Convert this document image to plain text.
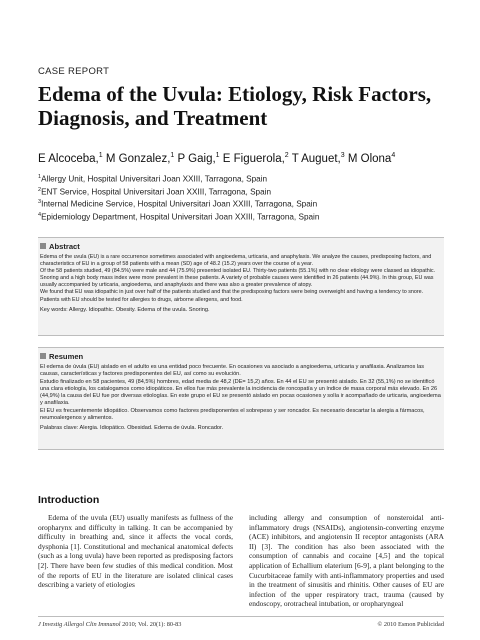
CASE REPORT
Edema of the Uvula: Etiology, Risk Factors, Diagnosis, and Treatment
E Alcoceba,$^1$ M Gonzalez,$^1$ P Gaig,$^1$ E Figuerola,$^2$ T Auguet,$^3$ M Olona$^4$
$^1$Allergy Unit, Hospital Universitari Joan XXIII, Tarragona, Spain
$^2$ENT Service, Hospital Universitari Joan XXIII, Tarragona, Spain
$^3$Internal Medicine Service, Hospital Universitari Joan XXIII, Tarragona, Spain
$^4$Epidemiology Department, Hospital Universitari Joan XXIII, Tarragona, Spain
Abstract

Edema of the uvula (EU) is a rare occurrence sometimes associated with angioedema, urticaria, and anaphylaxis. We analyze the causes, predisposing factors, and characteristics of EU in a group of 58 patients with a mean (SD) age of 48.2 (15.2) years over the course of a year.

Of the 58 patients studied, 49 (84.5%) were male and 44 (75.9%) presented isolated EU. Thirty-two patients (55.1%) with no clear etiology were classed as idiopathic. Snoring and a high body mass index were more prevalent in these patients. A variety of probable causes were identified in 26 patients (44.9%). In this group, EU was usually accompanied by urticaria, angioedema, and anaphylaxis and there was also a greater prevalence of atopy.

We found that EU was idiopathic in just over half of the patients studied and that the predisposing factors were being overweight and having a tendency to snore. Patients with EU should be tested for allergies to drugs, airborne allergens, and food.

Key words: Allergy. Idiopathic. Obesity. Edema of the uvula. Snoring.
Resumen

El edema de úvula (EU) aislado en el adulto es una entidad poco frecuente. En ocasiones va asociado a angioedema, urticaria y anafilaxia. Analizamos las causas, características y factores predisponentes del EU, así como su evolución.

Estudio finalizado en 58 pacientes, 49 (84,5%) hombres, edad media de 48,2 (DE= 15,2) años. En 44 el EU se presentó aislado. En 32 (55,1%) no se identificó una clara etiología, los catalogamos como idiopáticos. En ellos fue más prevalente la incidencia de roncopatía y un índice de masa corporal más elevado. En 26 (44,9%) la causa del EU fue por diversas etiologías. En este grupo el EU se presentó aislado en pocas ocasiones y solía ir acompañado de urticaria, angioedema y anafilaxia.

El EU es frecuentemente idiopático. Observamos como factores predisponentes el sobrepeso y ser roncador. Es necesario descartar la alergia a fármacos, neumoalergenos y alimentos.

Palabras clave: Alergia. Idiopático. Obesidad. Edema de úvula. Roncador.
Introduction

Edema of the uvula (EU) usually manifests as fullness of the oropharynx and difficulty in talking. It can be accompanied by difficulty in breathing and, since it affects the vocal cords, dysphonia [1]. Constitutional and mechanical anatomical defects (such as a long uvula) have been reported as predisposing factors [2]. There have been few studies of this medical condition. Most of the reports of EU in the literature are isolated clinical cases describing a variety of etiologies

including allergy and consumption of nonsteroidal anti-inflammatory drugs (NSAIDs), angiotensin-converting enzyme (ACE) inhibitors, and angiotensin II receptor antagonists (ARA II) [3]. The condition has also been associated with the consumption of cannabis and cocaine [4,5] and the topical application of Echallium elaterium [6-9], a plant belonging to the Cucurbitaceae family with anti-inflammatory properties and used in the treatment of sinusitis and rhinitis. Other causes of EU are infection of the upper respiratory tract, trauma (caused by endoscopy, orotracheal intubation, or oropharyngeal

J Investig Allergol Clin Immunol 2010; Vol. 20(1): 80-83	© 2010 Esmon Publicidad
